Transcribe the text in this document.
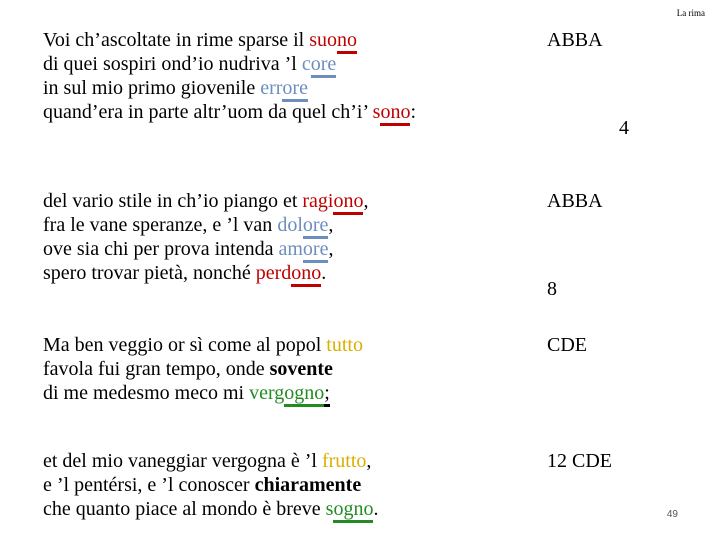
La rima
Voi ch’ascoltate in rime sparse il suono
di quei sospiri ond’io nudriva ’l core
in sul mio primo giovenile errore
quand’era in parte altr’uom da quel ch’i’ sono:
del vario stile in ch’io piango et ragiono,
fra le vane speranze, e ’l van dolore,
ove sia chi per prova intenda amore,
spero trovar pietà, nonché perdono.
Ma ben veggio or sì come al popol tutto
favola fui gran tempo, onde sovente
di me medesmo meco mi vergogno;
et del mio vaneggiar vergogna è ’l frutto,
e ’l pentérsi, e ’l conoscer chiaramente
che quanto piace al mondo è breve sogno.
ABBA
4
ABBA
8
CDE
12 CDE
49
